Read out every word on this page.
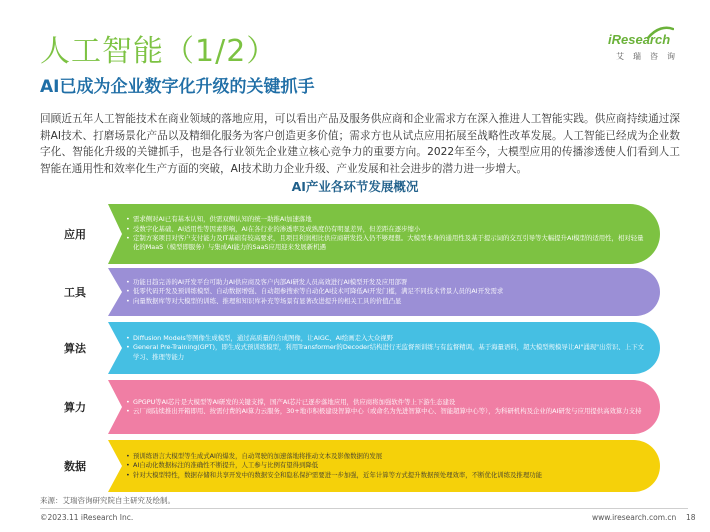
人工智能（1/2）
AI已成为企业数字化升级的关键抓手
iResearch
艾瑞咨询

回顾近五年人工智能技术在商业领域的落地应用，可以看出产品及服务供应商和企业需求方在深入推进人工智能实践。供应商持续通过深耕AI技术、打磨场景化产品以及精细化服务为客户创造更多价值；需求方也从试点应用拓展至战略性改革发展。人工智能已经成为企业数字化、智能化升级的关键抓手，也是各行业领先企业建立核心竞争力的重要方向。2022年至今，大模型应用的传播渗透使人们看到人工智能在通用性和效率化生产方面的突破，AI技术助力企业升级、产业发展和社会进步的潜力进一步增大。

AI产业各环节发展概况
应用
• 需求侧对AI已有基本认知，供需双侧认知的统一助推AI加速落地
• 受数字化基础、AI适用性等因素影响，AI在各行业的渗透率及成熟度仍有明显差异，但差距在逐步缩小
• 定制方案项目对客户支付能力及IT基础有较高要求，且项目利润相比供应商研发投入仍不够理想。大模型本身的通用性及基于提示词的交互引导等大幅提升AI模型的适用性，相对轻量化的MaaS（模型即服务）与集成AI能力的SaaS应用迎来发展新机遇
工具
• 功能日趋完善的AI开发平台可助力AI供应商及客户内部AI研发人员高效进行AI模型开发及应用部署
• 低零代码开发及预训练模型、自动数据增强、自动超参搜索等自动化AI技术可降低AI开发门槛，满足不同技术背景人员的AI开发需求
• 向量数据库等对大模型的训练、推理和知识库补充等场景有显著改进提升的相关工具的价值凸显
算法
• Diffusion Models等图像生成模型，通过高质量的合成图像，让AIGC、AI绘画走入大众视野
• General Pre-Training(GPT)，即生成式预训练模型，利用Transformer的Decoder结构进行无监督预训练与有监督精调，基于海量语料，超大模型规模导让AI"涌现"出常识、上下文学习、推理等能力
算力
•	GPGPU等AI芯片是大模型等AI研发的关键支撑，国产AI芯片已逐步落地应用，供应商将加强软件等上下游生态建设
• 云厂商陆续推出开箱即用、按需付费的AI算力云服务，30+地市积极建设智算中心（或命名为先进智算中心、智能超算中心等），为科研机构及企业的AI研发与应用提供高效算力支持
数据
• 预训练语言大模型等生成式AI的爆发，自动驾驶的加速落地将推动文本及影像数据的发展
• AI自动化数据标注的准确性不断提升，人工参与比例有望得到降低
• 针对大模型特性，数据存储和共享开发中的数据安全和隐私保护需要进一步加强，近年计算等方式提升数据预处理效率，不断优化训练及推理功能
来源：艾瑞咨询研究院自主研究及绘制。
©2023.11 iResearch Inc.	www.iresearch.com.cn 18
